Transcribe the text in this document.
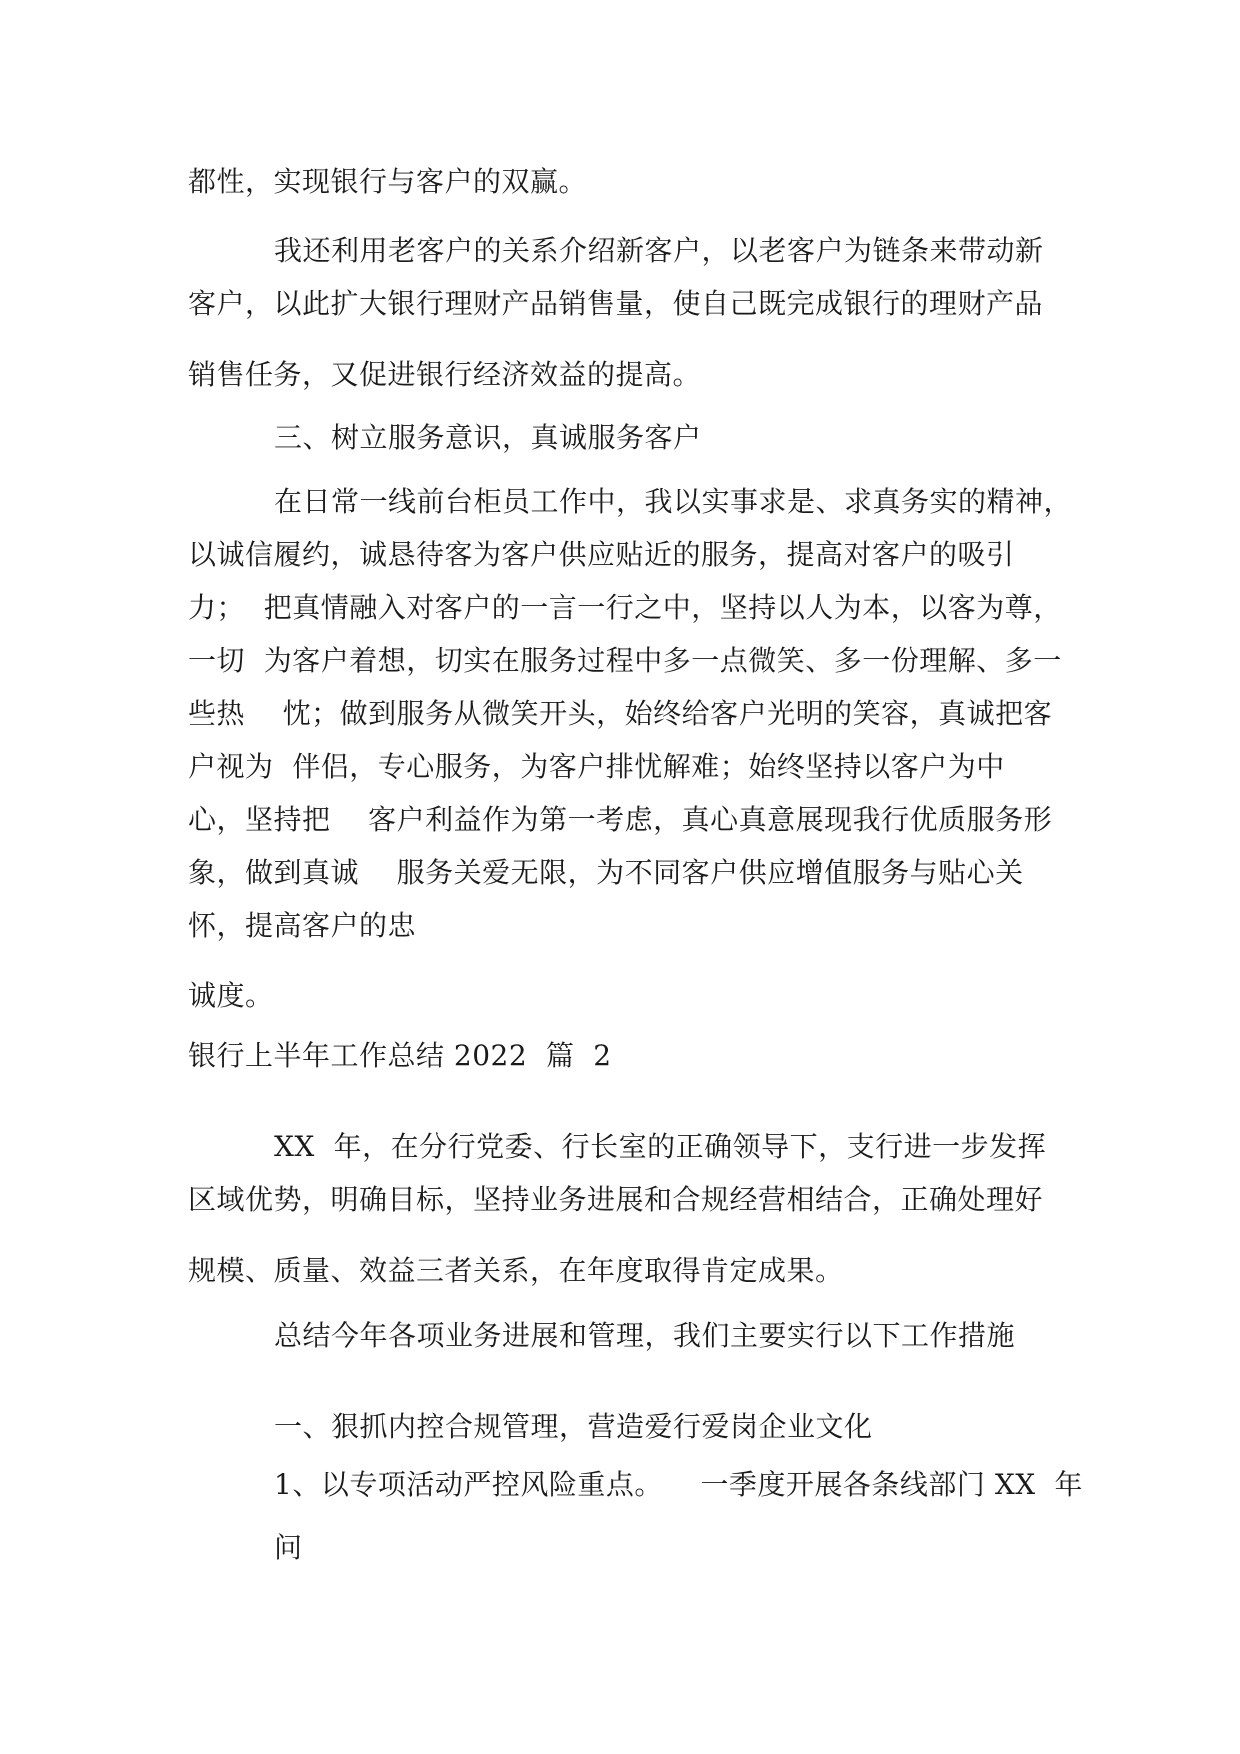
都性，实现银行与客户的双赢。

我还利用老客户的关系介绍新客户，以老客户为链条来带动新

客户，以此扩大银行理财产品销售量，使自己既完成银行的理财产品

销售任务，又促进银行经济效益的提高。

三、树立服务意识，真诚服务客户

在日常一线前台柜员工作中，我以实事求是、求真务实的精神，

以诚信履约，诚恳待客为客户供应贴近的服务，提高对客户的吸引

力；  把真情融入对客户的一言一行之中，坚持以人为本，以客为尊，

一切  为客户着想，切实在服务过程中多一点微笑、多一份理解、多一

些热    忱；做到服务从微笑开头，始终给客户光明的笑容，真诚把客

户视为  伴侣，专心服务，为客户排忧解难；始终坚持以客户为中

心，坚持把    客户利益作为第一考虑，真心真意展现我行优质服务形

象，做到真诚    服务关爱无限，为不同客户供应增值服务与贴心关

怀，提高客户的忠

诚度。

银行上半年工作总结 2022  篇  2

XX  年，在分行党委、行长室的正确领导下，支行进一步发挥

区域优势，明确目标，坚持业务进展和合规经营相结合，正确处理好

规模、质量、效益三者关系，在年度取得肯定成果。

总结今年各项业务进展和管理，我们主要实行以下工作措施

一、狠抓内控合规管理，营造爱行爱岗企业文化

1、以专项活动严控风险重点。    一季度开展各条线部门 XX  年

问
